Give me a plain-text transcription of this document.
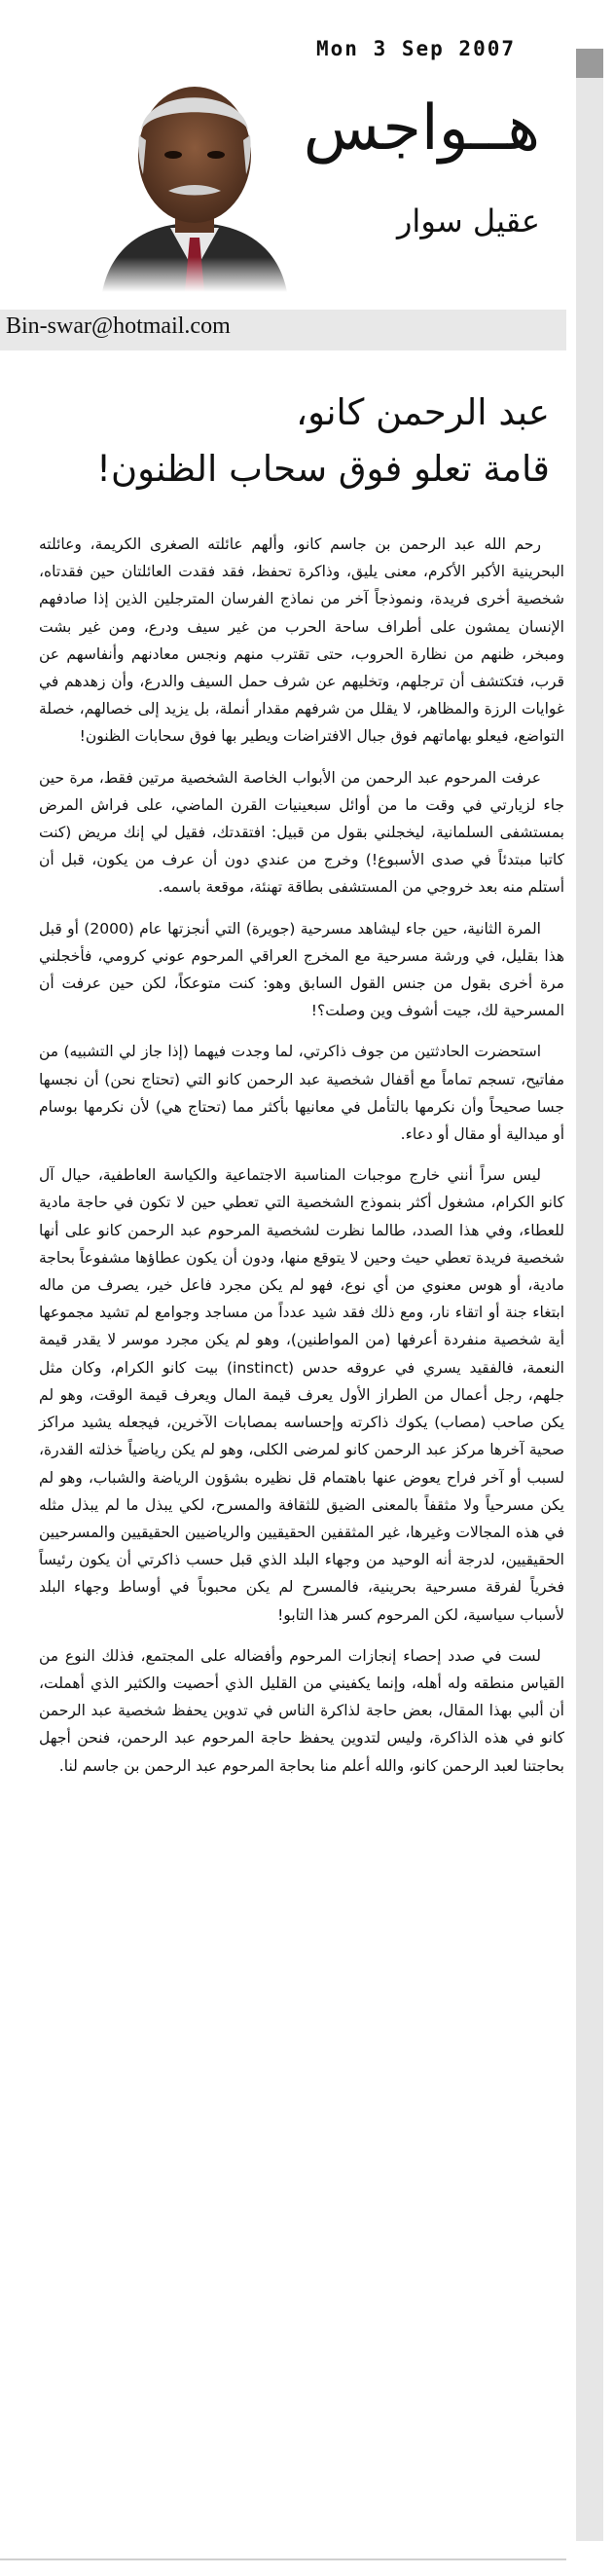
Mon 3 Sep 2007
هــواجس
عقيل سوار
Bin-swar@hotmail.com
عبد الرحمن كانو،
قامة تعلو فوق سحاب الظنون!

رحم الله عبد الرحمن بن جاسم كانو، وألهم عائلته الصغرى الكريمة، وعائلته البحرينية الأكبر الأكرم، معنى يليق، وذاكرة تحفظ، فقد فقدت العائلتان حين فقدتاه، شخصية أخرى فريدة، ونموذجاً آخر من نماذج الفرسان المترجلين الذين إذا صادفهم الإنسان يمشون على أطراف ساحة الحرب من غير سيف ودرع، ومن غير بشت ومبخر، ظنهم من نظارة الحروب، حتى تقترب منهم ونجس معادنهم وأنفاسهم عن قرب، فتكتشف أن ترجلهم، وتخليهم عن شرف حمل السيف والدرع، وأن زهدهم في غوايات الرزة والمظاهر، لا يقلل من شرفهم مقدار أنملة، بل يزيد إلى خصالهم، خصلة التواضع، فيعلو بهاماتهم فوق جبال الافتراضات ويطير بها فوق سحابات الظنون!

عرفت المرحوم عبد الرحمن من الأبواب الخاصة الشخصية مرتين فقط، مرة حين جاء لزيارتي في وقت ما من أوائل سبعينيات القرن الماضي، على فراش المرض بمستشفى السلمانية، ليخجلني بقول من قبيل: افتقدتك، فقيل لي إنك مريض (كنت كاتبا مبتدئاً في صدى الأسبوع!) وخرج من عندي دون أن عرف من يكون، قبل أن أستلم منه بعد خروجي من المستشفى بطاقة تهنئة، موقعة باسمه.

المرة الثانية، حين جاء ليشاهد مسرحية (جويرة) التي أنجزتها عام (2000) أو قبل هذا بقليل، في ورشة مسرحية مع المخرج العراقي المرحوم عوني كرومي، فأخجلني مرة أخرى بقول من جنس القول السابق وهو: كنت متوعكاً، لكن حين عرفت أن المسرحية لك، جيت أشوف وين وصلت؟!

استحضرت الحادثتين من جوف ذاكرتي، لما وجدت فيهما (إذا جاز لي التشبيه) من مفاتيح، تسجم تماماً مع أقفال شخصية عبد الرحمن كانو التي (تحتاج نحن) أن نجسها جسا صحيحاً وأن نكرمها بالتأمل في معانيها بأكثر مما (تحتاج هي) لأن نكرمها بوسام أو ميدالية أو مقال أو دعاء.

ليس سراً أنني خارج موجبات المناسبة الاجتماعية والكياسة العاطفية، حيال آل كانو الكرام، مشغول أكثر بنموذج الشخصية التي تعطي حين لا تكون في حاجة مادية للعطاء، وفي هذا الصدد، طالما نظرت لشخصية المرحوم عبد الرحمن كانو على أنها شخصية فريدة تعطي حيث وحين لا يتوقع منها، ودون أن يكون عطاؤها مشفوعاً بحاجة مادية، أو هوس معنوي من أي نوع، فهو لم يكن مجرد فاعل خير، يصرف من ماله ابتغاء جنة أو اتقاء نار، ومع ذلك فقد شيد عدداً من مساجد وجوامع لم تشيد مجموعها أية شخصية منفردة أعرفها (من المواطنين)، وهو لم يكن مجرد موسر لا يقدر قيمة النعمة، فالفقيد يسري في عروقه حدس (instinct) بيت كانو الكرام، وكان مثل جلهم، رجل أعمال من الطراز الأول يعرف قيمة المال ويعرف قيمة الوقت، وهو لم يكن صاحب (مصاب) يكوك ذاكرته وإحساسه بمصابات الآخرين، فيجعله يشيد مراكز صحية آخرها مركز عبد الرحمن كانو لمرضى الكلى، وهو لم يكن رياضياً خذلته القدرة، لسبب أو آخر فراح يعوض عنها باهتمام قل نظيره بشؤون الرياضة والشباب، وهو لم يكن مسرحياً ولا مثقفاً بالمعنى الضيق للثقافة والمسرح، لكي يبذل ما لم يبذل مثله في هذه المجالات وغيرها، غير المثقفين الحقيقيين والرياضيين الحقيقيين والمسرحيين الحقيقيين، لدرجة أنه الوحيد من وجهاء البلد الذي قبل حسب ذاكرتي أن يكون رئيساً فخرياً لفرقة مسرحية بحرينية، فالمسرح لم يكن محبوباً في أوساط وجهاء البلد لأسباب سياسية، لكن المرحوم كسر هذا التابو!

لست في صدد إحصاء إنجازات المرحوم وأفضاله على المجتمع، فذلك النوع من القياس منطقه وله أهله، وإنما يكفيني من القليل الذي أحصيت والكثير الذي أهملت، أن ألبي بهذا المقال، بعض حاجة لذاكرة الناس في تدوين يحفظ شخصية عبد الرحمن كانو في هذه الذاكرة، وليس لتدوين يحفظ حاجة المرحوم عبد الرحمن، فنحن أجهل بحاجتنا لعبد الرحمن كانو، والله أعلم منا بحاجة المرحوم عبد الرحمن بن جاسم لنا.
